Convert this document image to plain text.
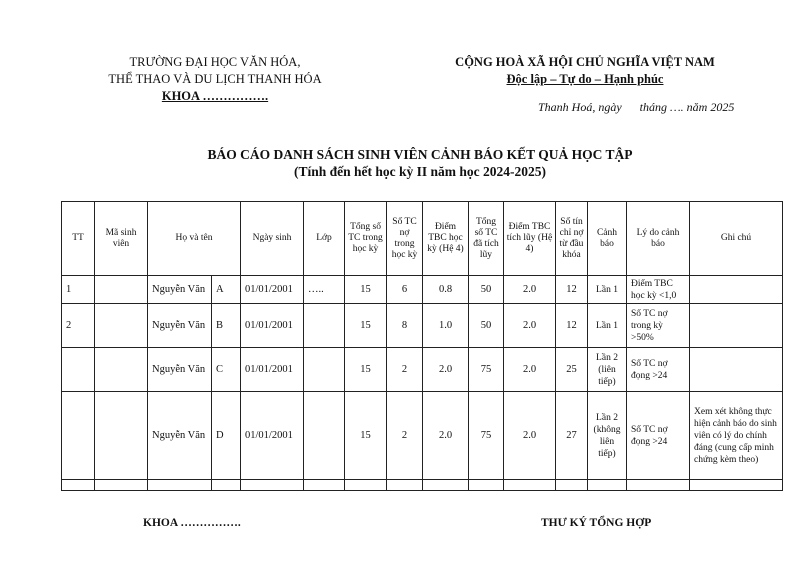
TRƯỜNG ĐẠI HỌC VĂN HÓA,
THỂ THAO VÀ DU LỊCH THANH HÓA
KHOA …………….
CỘNG HOÀ XÃ HỘI CHỦ NGHĨA VIỆT NAM
Độc lập – Tự do – Hạnh phúc
Thanh Hoá, ngày      tháng …. năm 2025
BÁO CÁO DANH SÁCH SINH VIÊN CẢNH BÁO KẾT QUẢ HỌC TẬP
(Tính đến hết học kỳ II năm học 2024-2025)
TT	Mã sinh viên	Họ và tên		Ngày sinh	Lớp	Tổng số TC trong học kỳ	Số TC nợ trong học kỳ	Điểm TBC học kỳ (Hệ 4)	Tổng số TC đã tích lũy	Điểm TBC tích lũy (Hệ 4)	Số tín chỉ nợ từ đầu khóa	Cảnh báo	Lý do cảnh báo	Ghi chú
1		Nguyễn Văn	A	01/01/2001	…..	15	6	0.8	50	2.0	12	Lần 1	Điểm TBC học kỳ <1,0	
2		Nguyễn Văn	B	01/01/2001		15	8	1.0	50	2.0	12	Lần 1	Số TC nợ trong kỳ >50%	
		Nguyễn Văn	C	01/01/2001		15	2	2.0	75	2.0	25	Lần 2 (liên tiếp)	Số TC nợ đọng >24	
		Nguyễn Văn	D	01/01/2001		15	2	2.0	75	2.0	27	Lần 2 (không liên tiếp)	Số TC nợ đọng >24	Xem xét không thực hiện cảnh báo do sinh viên có lý do chính đáng (cung cấp minh chứng kèm theo)

KHOA …………….	THƯ KÝ TỔNG HỢP
